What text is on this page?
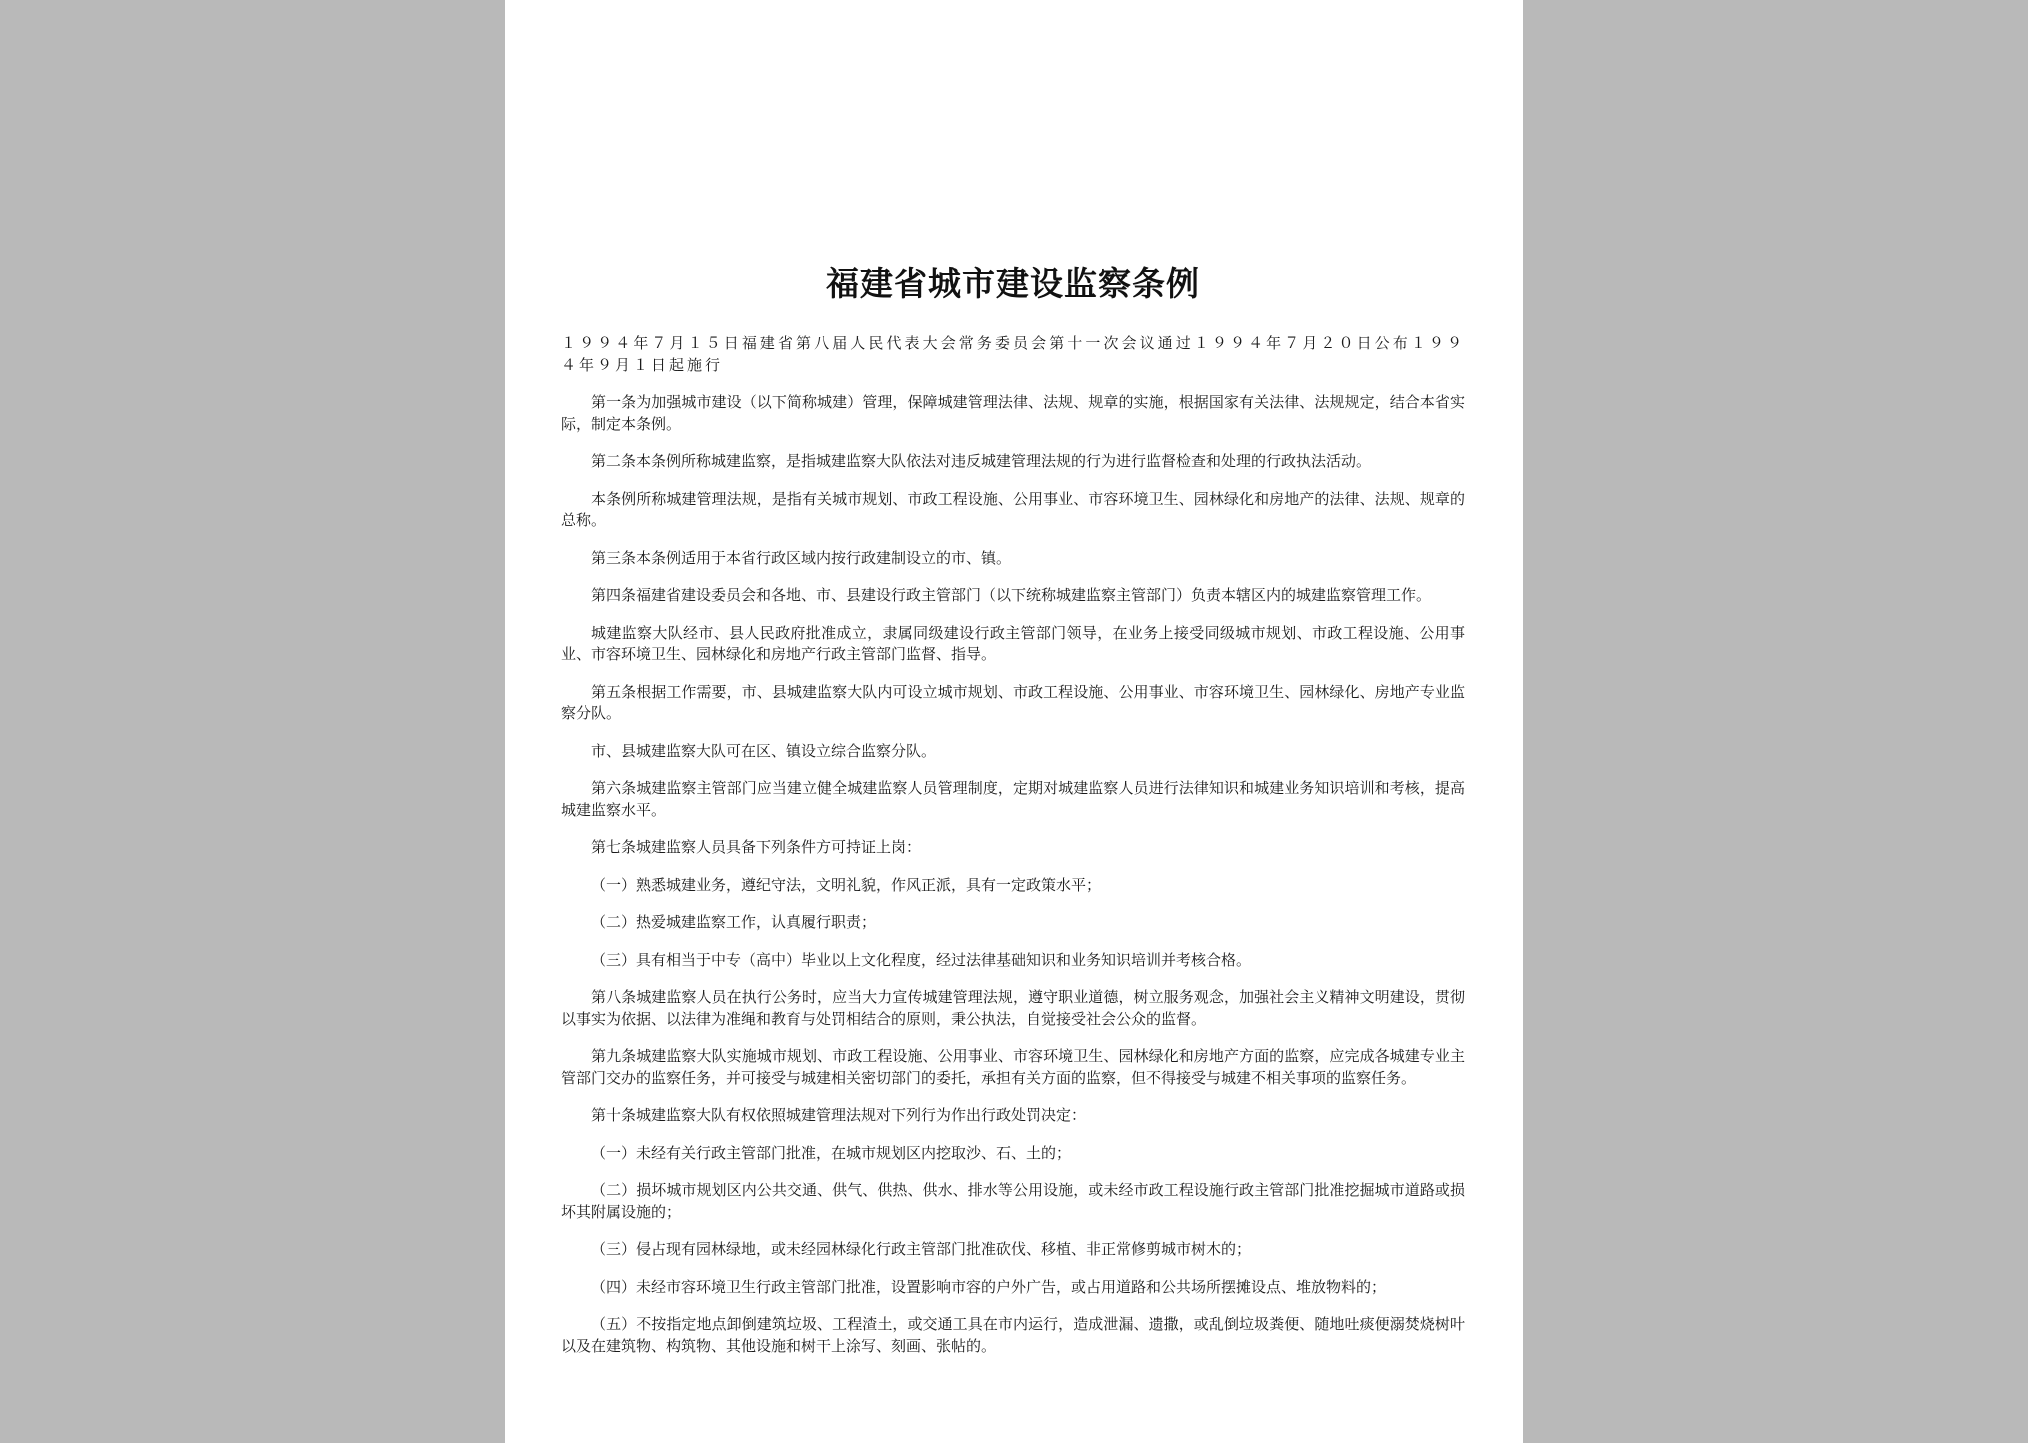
福建省城市建设监察条例

１９９４年７月１５日福建省第八届人民代表大会常务委员会第十一次会议通过１９９４年７月２０日公布１９９４年９月１日起施行

第一条为加强城市建设（以下简称城建）管理，保障城建管理法律、法规、规章的实施，根据国家有关法律、法规规定，结合本省实际，制定本条例。

第二条本条例所称城建监察，是指城建监察大队依法对违反城建管理法规的行为进行监督检查和处理的行政执法活动。

本条例所称城建管理法规，是指有关城市规划、市政工程设施、公用事业、市容环境卫生、园林绿化和房地产的法律、法规、规章的总称。

第三条本条例适用于本省行政区域内按行政建制设立的市、镇。

第四条福建省建设委员会和各地、市、县建设行政主管部门（以下统称城建监察主管部门）负责本辖区内的城建监察管理工作。

城建监察大队经市、县人民政府批准成立，隶属同级建设行政主管部门领导，在业务上接受同级城市规划、市政工程设施、公用事业、市容环境卫生、园林绿化和房地产行政主管部门监督、指导。

第五条根据工作需要，市、县城建监察大队内可设立城市规划、市政工程设施、公用事业、市容环境卫生、园林绿化、房地产专业监察分队。

市、县城建监察大队可在区、镇设立综合监察分队。

第六条城建监察主管部门应当建立健全城建监察人员管理制度，定期对城建监察人员进行法律知识和城建业务知识培训和考核，提高城建监察水平。

第七条城建监察人员具备下列条件方可持证上岗：

（一）熟悉城建业务，遵纪守法，文明礼貌，作风正派，具有一定政策水平；

（二）热爱城建监察工作，认真履行职责；

（三）具有相当于中专（高中）毕业以上文化程度，经过法律基础知识和业务知识培训并考核合格。

第八条城建监察人员在执行公务时，应当大力宣传城建管理法规，遵守职业道德，树立服务观念，加强社会主义精神文明建设，贯彻以事实为依据、以法律为准绳和教育与处罚相结合的原则，秉公执法，自觉接受社会公众的监督。

第九条城建监察大队实施城市规划、市政工程设施、公用事业、市容环境卫生、园林绿化和房地产方面的监察，应完成各城建专业主管部门交办的监察任务，并可接受与城建相关密切部门的委托，承担有关方面的监察，但不得接受与城建不相关事项的监察任务。

第十条城建监察大队有权依照城建管理法规对下列行为作出行政处罚决定：

（一）未经有关行政主管部门批准，在城市规划区内挖取沙、石、土的；

（二）损坏城市规划区内公共交通、供气、供热、供水、排水等公用设施，或未经市政工程设施行政主管部门批准挖掘城市道路或损坏其附属设施的；

（三）侵占现有园林绿地，或未经园林绿化行政主管部门批准砍伐、移植、非正常修剪城市树木的；

（四）未经市容环境卫生行政主管部门批准，设置影响市容的户外广告，或占用道路和公共场所摆摊设点、堆放物料的；

（五）不按指定地点卸倒建筑垃圾、工程渣土，或交通工具在市内运行，造成泄漏、遗撒，或乱倒垃圾粪便、随地吐痰便溺焚烧树叶以及在建筑物、构筑物、其他设施和树干上涂写、刻画、张帖的。
